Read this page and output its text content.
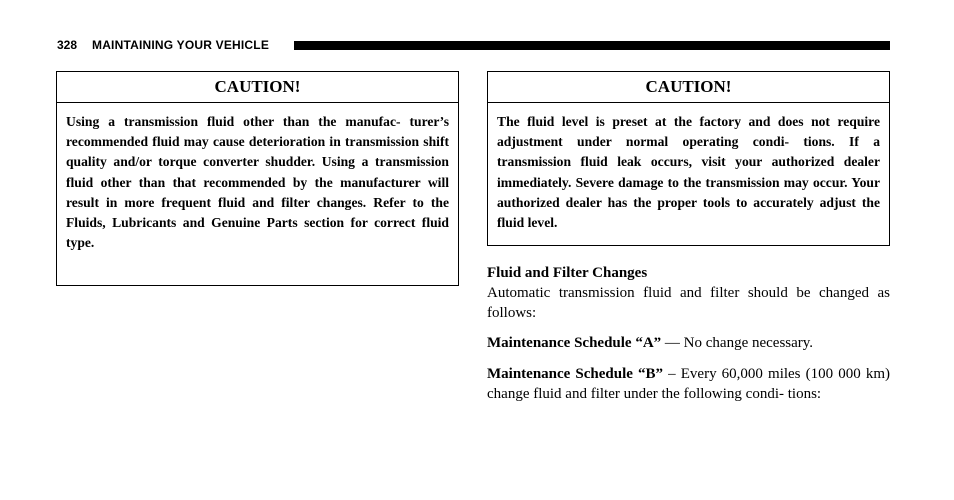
328 MAINTAINING YOUR VEHICLE
CAUTION!
Using a transmission fluid other than the manufac- turer’s recommended fluid may cause deterioration in transmission shift quality and/or torque converter shudder. Using a transmission fluid other than that recommended by the manufacturer will result in more frequent fluid and filter changes. Refer to the Fluids, Lubricants and Genuine Parts section for correct fluid type.
CAUTION!
The fluid level is preset at the factory and does not require adjustment under normal operating condi- tions. If a transmission fluid leak occurs, visit your authorized dealer immediately. Severe damage to the transmission may occur. Your authorized dealer has the proper tools to accurately adjust the fluid level.
Fluid and Filter Changes
Automatic transmission fluid and filter should be changed as follows:
Maintenance Schedule “A” — No change necessary.
Maintenance Schedule “B” – Every 60,000 miles (100 000 km) change fluid and filter under the following condi- tions:
